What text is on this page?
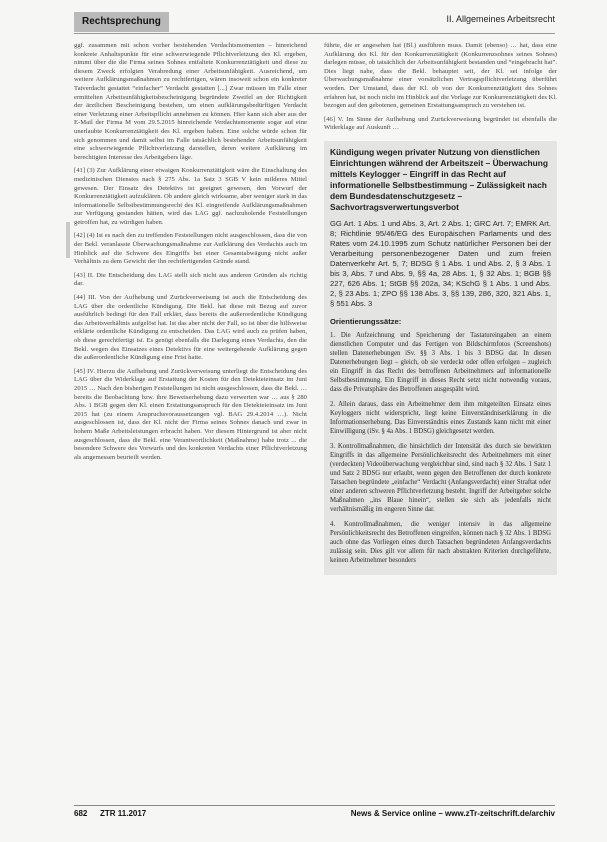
Rechtsprechung	II. Allgemeines Arbeitsrecht

ggf. zusammen mit schon vorher bestehenden Verdachtsmomenten – hinreichend konkrete Anhaltspunkte für eine schwerwiegende Pflichtverletzung des Kl. ergeben, nimmt über die die Firma seines Sohnes entfaltete Konkurrenztätigkeit und diese zu diesem Zweck erfolgten Verabredung einer Arbeitsunfähigkeit. Ausreichend, um weitere Aufklärungsmaßnahmen zu rechtfertigen, wären insoweit schon ein konkreter Tatverdacht gestattet “einfacher” Verdacht gestatten [...] Zwar müssen im Falle einer ermittelten Arbeitsunfähigkeitsbescheinigung begründete Zweifel an der Richtigkeit der ärztlichen Bescheinigung bestehen, um einen aufklärungsbedürftigen Verdacht einer Verletzung einer Arbeitspflicht annehmen zu können. Hier kann sich aber aus der E-Mail der Firma M vom 29.5.2015 hinreichende Verdachtsmomente sogar auf eine unerlaubte Konkurrenztätigkeit des Kl. ergeben haben. Eine solche würde schon für sich genommen und damit selbst im Falle tatsächlich bestehender Arbeitsunfähigkeit eine schwerwiegende Pflichtverletzung darstellen, deren weitere Aufklärung im berechtigten Interesse des Arbeitgebers läge.

[41] (3) Zur Aufklärung einer etwaigen Konkurrenztätigkeit wäre die Einschaltung des medizinischen Dienstes nach § 275 Abs. 1a Satz 3 SGB V kein milderes Mittel gewesen. Der Einsatz des Detektivs ist geeignet gewesen, den Vorwurf der Konkurrenztätigkeit aufzuklären. Ob andere gleich wirksame, aber weniger stark in das informationelle Selbstbestimmungsrecht des Kl. eingreifende Aufklärungsmaßnahmen zur Verfügung gestanden hätten, wird das LAG ggf. nachzuholende Feststellungen getroffen hat, zu würdigen haben.

[42] (4) Ist es nach den zu treffenden Feststellungen nicht ausgeschlossen, dass die von der Bekl. veranlasste Überwachungsmaßnahme zur Aufklärung des Verdachts auch im Hinblick auf die Schwere des Eingriffs bei einer Gesamtabwägung nicht außer Verhältnis zu dem Gewicht der ihn rechtfertigenden Gründe stand.

[43] II. Die Entscheidung des LAG stellt sich nicht aus anderen Gründen als richtig dar.

[44] III. Von der Aufhebung und Zurückverweisung ist auch die Entscheidung des LAG über die ordentliche Kündigung. Die Bekl. hat diese mit Bezug auf zuvor ausführlich bedingt für den Fall erklärt, dass bereits die außerordentliche Kündigung das Arbeitsverhältnis aufgelöst hat. Ist das aber nicht der Fall, so ist über die hilfsweise erklärte ordentliche Kündigung zu entscheiden. Das LAG wird auch zu prüfen haben, ob diese gerechtfertigt ist. Es genügt ebenfalls die Darlegung eines Verdachts, den die Bekl. wegen des Einsatzes eines Detektivs für eine weitergehende Aufklärung gegen die außerordentliche Kündigung eine Frist hatte.

[45] IV. Hierzu die Aufhebung und Zurückverweisung unterliegt die Entscheidung des LAG über die Widerklage auf Erstattung der Kosten für den Detekteieinsatz im Juni 2015 … Nach den bisherigen Feststellungen ist nicht ausgeschlossen, dass die Bekl. … bereits die Beobachtung bzw. ihre Beweiserhebung dazu verwerten war … aus § 280 Abs. 1 BGB gegen den Kl. einen Erstattungsanspruch für den Detekteieinsatz im Juni 2015 hat (zu einem Anspruchsvoraussetzungen vgl. BAG 29.4.2014 …). Nicht ausgeschlossen ist, dass der Kl. nicht der Firma seines Sohnes danach und zwar in hohem Maße Arbeitsleistungen erbracht haben. Vor diesem Hintergrund ist aber nicht ausgeschlossen, dass die Bekl. eine Verantwortlichkeit (Maßnahme) habe trotz ... die besondere Schwere des Vorwurfs und des konkreten Verdachts einer Pflichtverletzung als angemessen beurteilt werden.

führte, die er angesehen hat (Bl.) ausführen muss. Damit (ebenso) … hat, dass eine Aufklärung des Kl. für den Konkurrenztätigkeit (Konkurrenzsohnes seines Sohnes) darlegen müsse, ob tatsächlich der Arbeitsunfähigkeit bestanden und “eingebracht hat”. Dies liegt nahe, dass die Bekl. behauptet seit, der Kl. sei infolge der Überwachungsmaßnahme einer vorsätzlichen Vertragspflichtverletzung überführt worden. Der Umstand, dass der Kl. ob von der Konkurrenztätigkeit des Sohnes erfahren hat, ist noch nicht im Hinblick auf die Vorlage zur Konkurrenztätigkeit des Kl. bezogen auf den gebotenen, gemeinen Erstattungsanspruch zu verstehen ist.

[46] V. Im Sinne der Aufhebung und Zurückverweisung begründet ist ebenfalls die Widerklage auf Auskunft …

Kündigung wegen privater Nutzung von dienstlichen Einrichtungen während der Arbeitszeit – Überwachung mittels Keylogger – Eingriff in das Recht auf informationelle Selbstbestimmung – Zulässigkeit nach dem Bundesdatenschutzgesetz – Sachvortragsverwertungsverbot
GG Art. 1 Abs. 1 und Abs. 3, Art. 2 Abs. 1; GRC Art. 7; EMRK Art. 8; Richtlinie 95/46/EG des Europäischen Parlaments und des Rates vom 24.10.1995 zum Schutz natürlicher Personen bei der Verarbeitung personenbezogener Daten und zum freien Datenverkehr Art. 5, 7; BDSG § 1 Abs. 1 und Abs. 2, § 3 Abs. 1 bis 3, Abs. 7 und Abs. 9, §§ 4a, 28 Abs. 1, § 32 Abs. 1; BGB §§ 227, 626 Abs. 1; StGB §§ 202a, 34; KSchG § 1 Abs. 1 und Abs. 2, § 23 Abs. 1; ZPO §§ 138 Abs. 3, §§ 139, 286, 320, 321 Abs. 1, § 551 Abs. 3
Orientierungssätze:

1. Die Aufzeichnung und Speicherung der Tastatureingaben an einem dienstlichen Computer und das Fertigen von Bildschirmfotos (Screenshots) stellen Datenerhebungen iSv. §§ 3 Abs. 1 bis 3 BDSG dar. In diesen Datenerhebungen liegt – gleich, ob sie verdeckt oder offen erfolgen – zugleich ein Eingriff in das Recht des betroffenen Arbeitnehmers auf informationelle Selbstbestimmung. Ein Eingriff in dieses Recht setzt nicht notwendig voraus, dass die Privatsphäre des Betroffenen ausgespäht wird.

2. Allein daraus, dass ein Arbeitnehmer dem ihm mitgeteilten Einsatz eines Keyloggers nicht widerspricht, liegt keine Einverständniserklärung in die Informationserhebung. Das Einverständnis eines Zustands kann nicht mit einer Einwilligung (iSv. § 4a Abs. 1 BDSG) gleichgesetzt werden.

3. Kontrollmaßnahmen, die hinsichtlich der Intensität des durch sie bewirkten Eingriffs in das allgemeine Persönlichkeitsrecht des Arbeitnehmers mit einer (verdeckten) Videoüberwachung vergleichbar sind, sind nach § 32 Abs. 1 Satz 1 und Satz 2 BDSG nur erlaubt, wenn gegen den Betroffenen der durch konkrete Tatsachen begründete „einfache“ Verdacht (Anfangsverdacht) einer Straftat oder einer anderen schweren Pflichtverletzung besteht. Ingriff der Arbeitgeber solche Maßnahmen „ins Blaue hinein“, stellen sie sich als jedenfalls nicht verhältnismäßig im engeren Sinne dar.

4. Kontrollmaßnahmen, die weniger intensiv in das allgemeine Persönlichkeitsrecht des Betroffenen eingreifen, können nach § 32 Abs. 1 BDSG auch ohne das Vorliegen eines durch Tatsachen begründeten Anfangsverdachts zulässig sein. Dies gilt vor allem für nach abstrakten Kriterien durchgeführte, keinen Arbeitnehmer besonders

682 ZTR 11.2017	News & Service online – www.zTr-zeitschrift.de/archiv
